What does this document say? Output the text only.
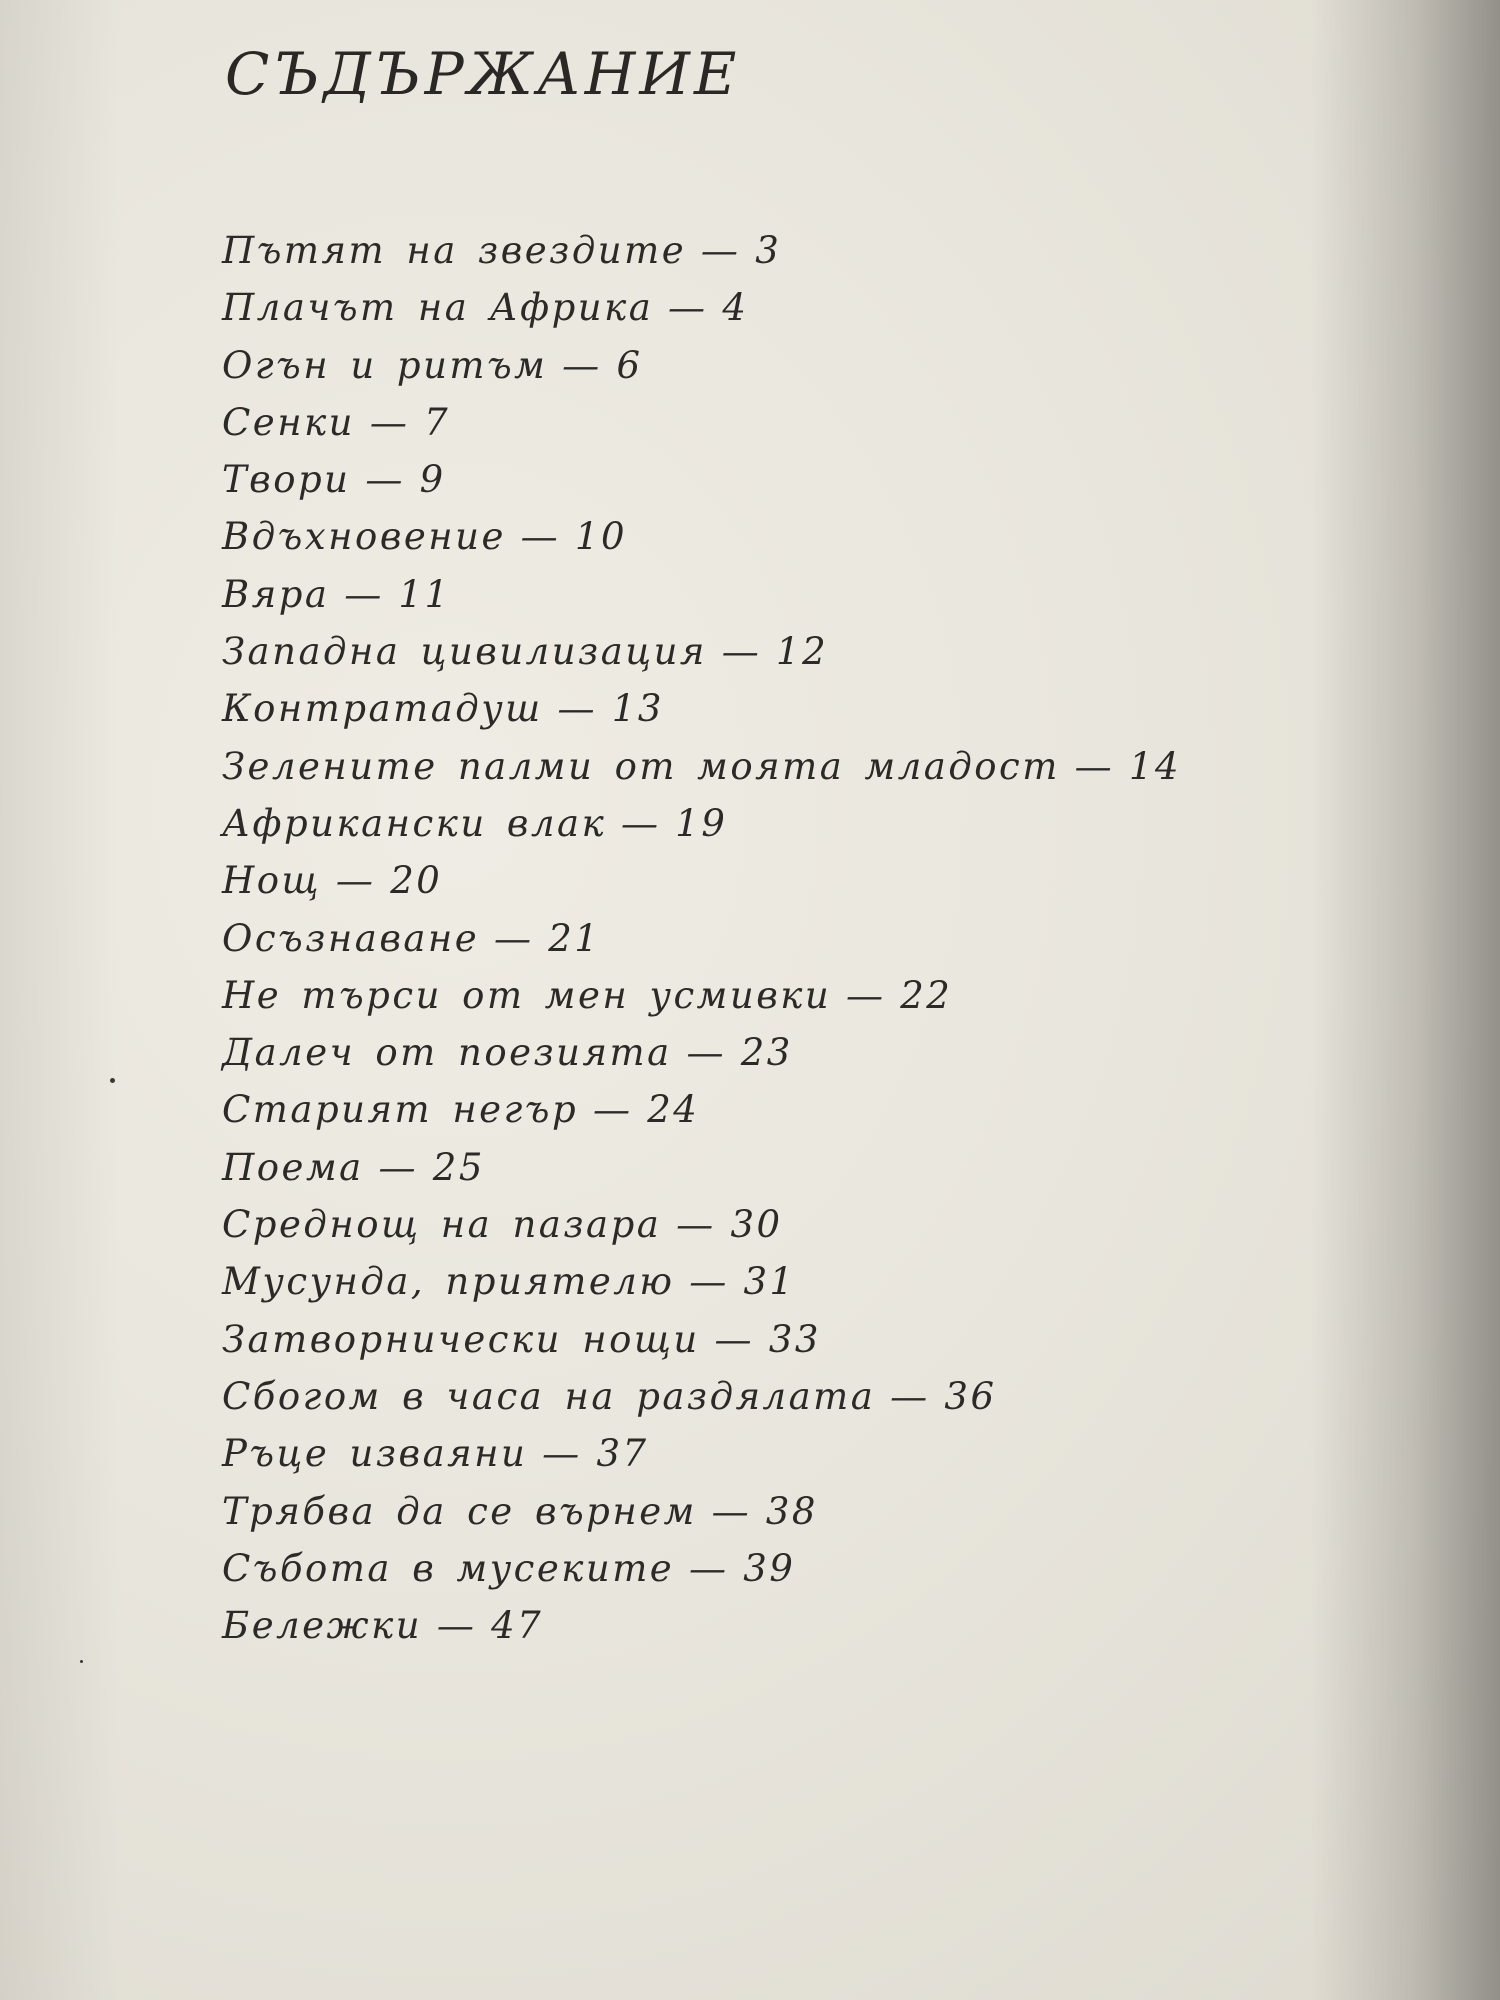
СЪДЪРЖАНИЕ
Пътят на звездите — 3
Плачът на Африка — 4
Огън и ритъм — 6
Сенки — 7
Твори — 9
Вдъхновение — 10
Вяра — 11
Западна цивилизация — 12
Контратадуш — 13
Зелените палми от моята младост — 14
Африкански влак — 19
Нощ — 20
Осъзнаване — 21
Не търси от мен усмивки — 22
Далеч от поезията — 23
Старият негър — 24
Поема — 25
Среднощ на пазара — 30
Мусунда, приятелю — 31
Затворнически нощи — 33
Сбогом в часа на раздялата — 36
Ръце изваяни — 37
Трябва да се върнем — 38
Събота в мусеките — 39
Бележки — 47
